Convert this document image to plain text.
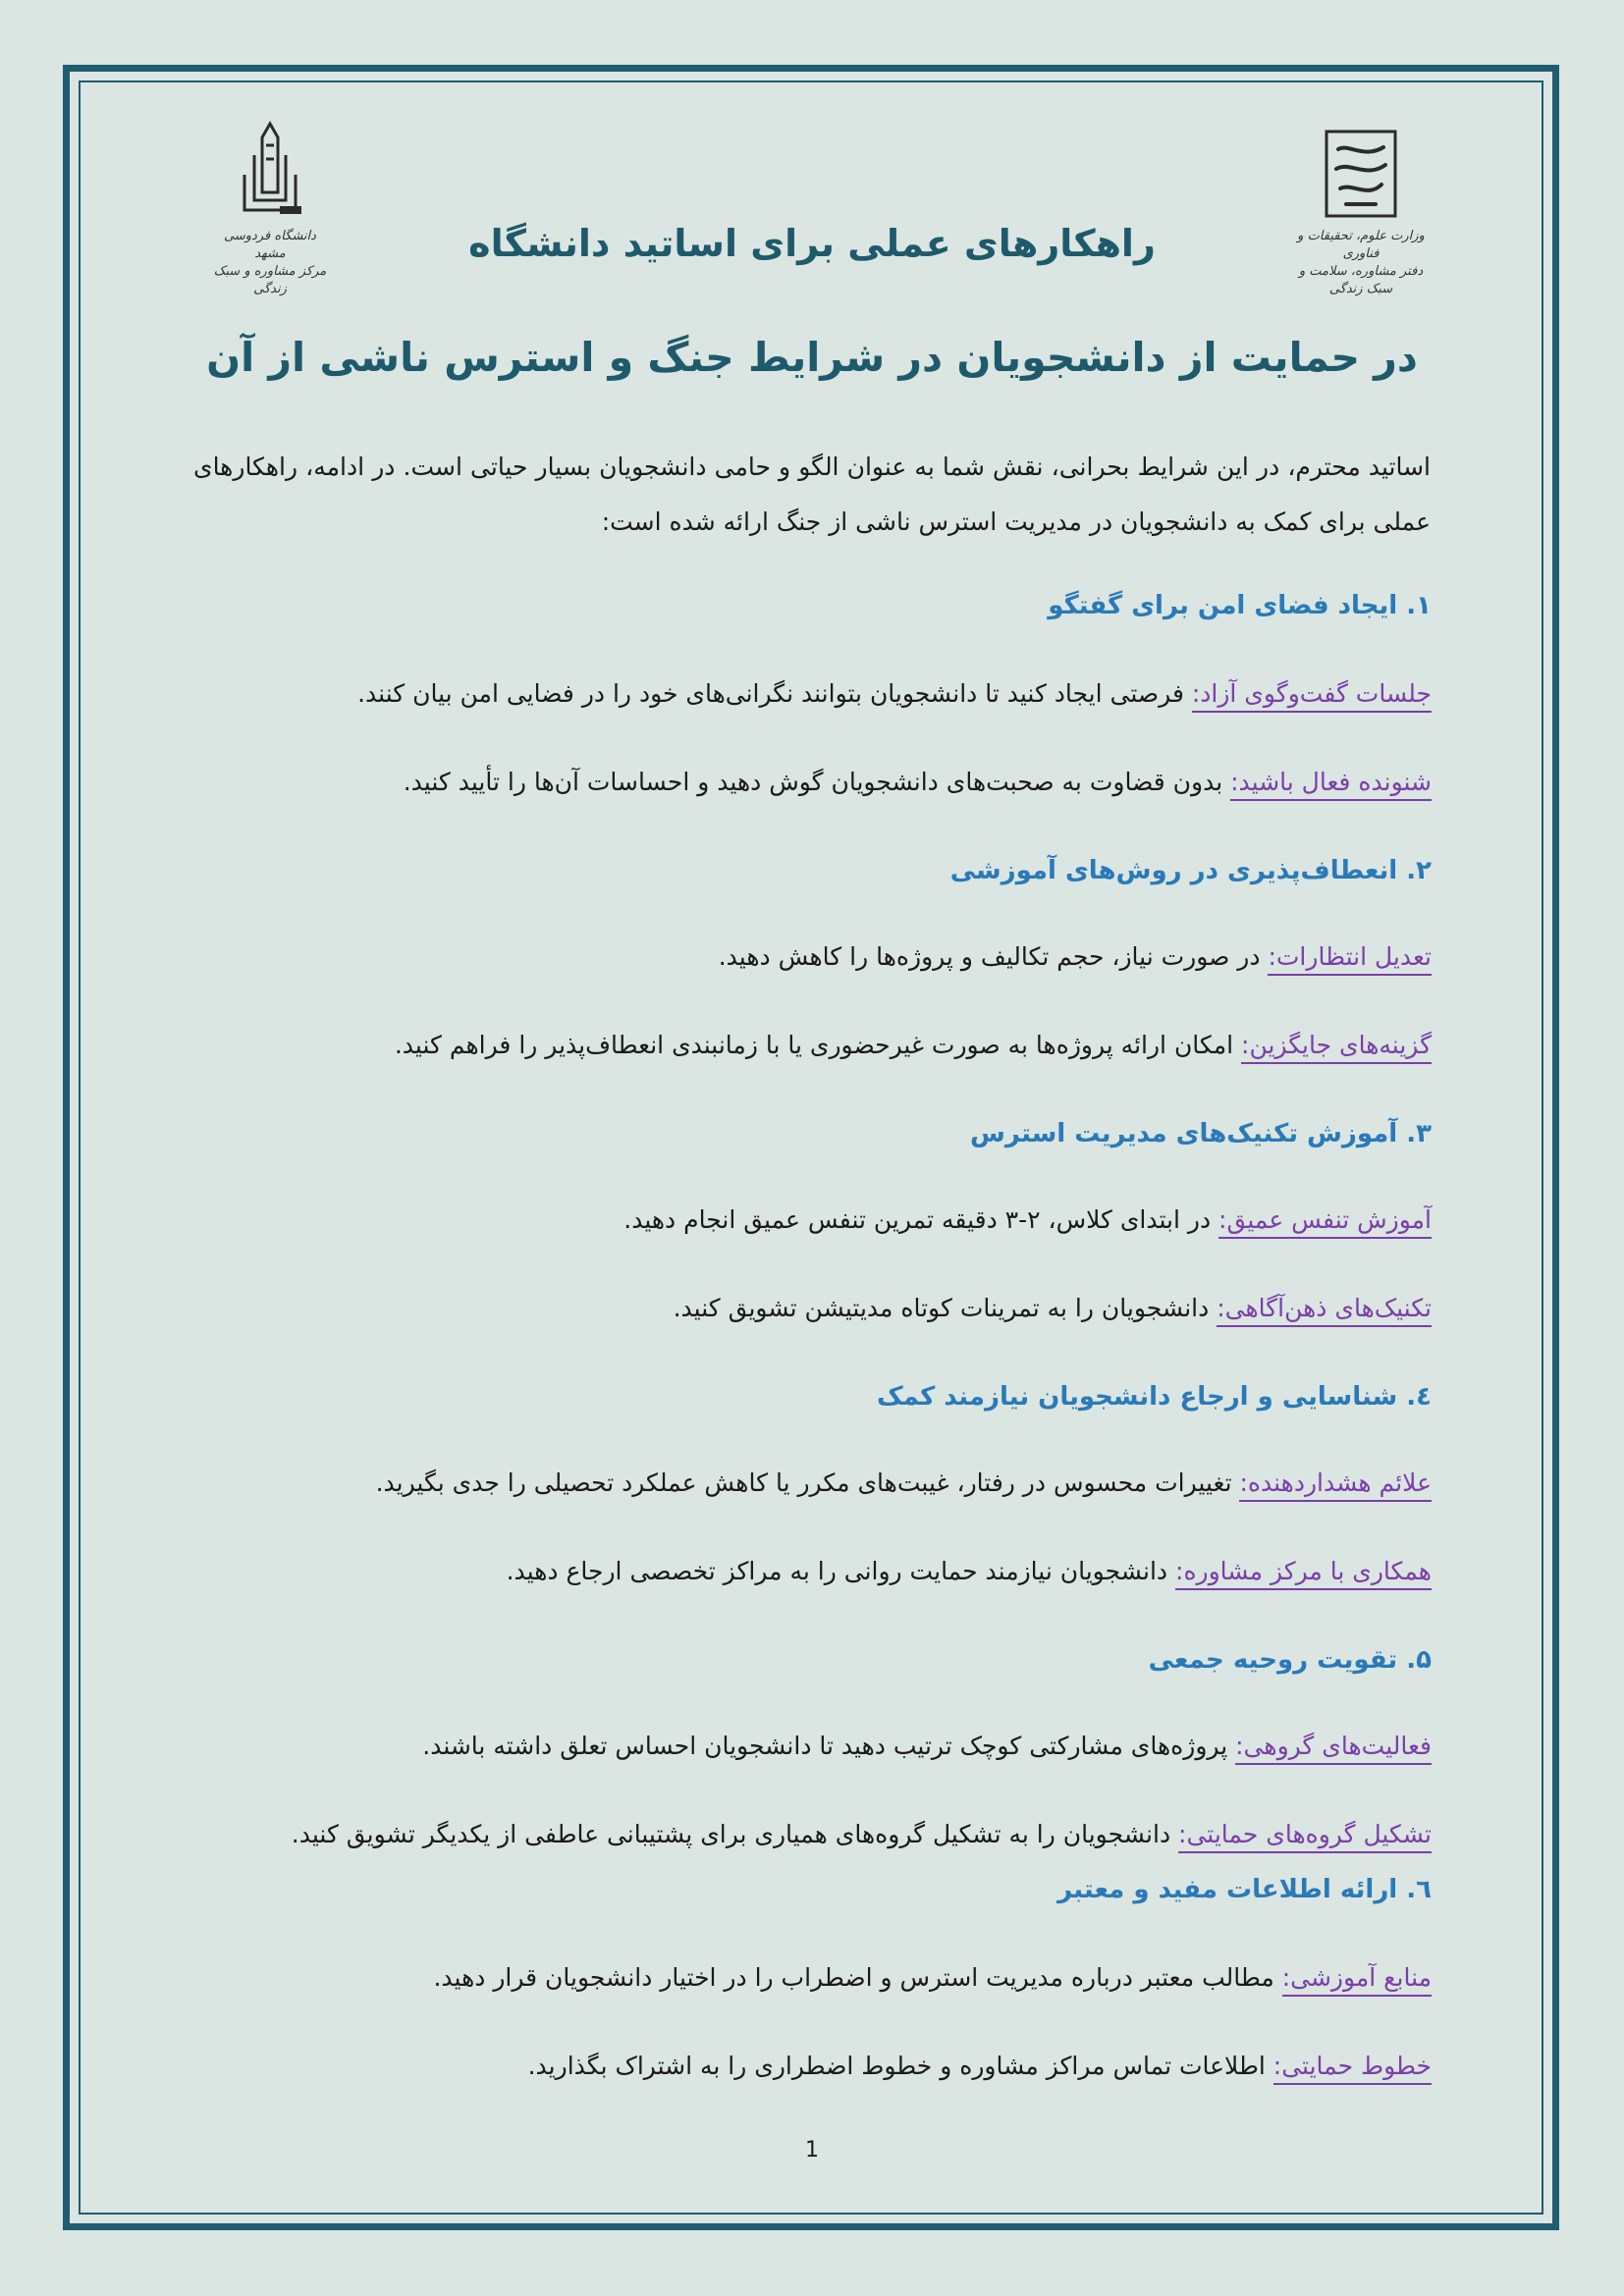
دانشگاه فردوسی مشهد
مرکز مشاوره و سبک زندگی
وزارت علوم، تحقیقات و فناوری
دفتر مشاوره، سلامت و سبک زندگی
راهکارهای عملی برای اساتید دانشگاه
در حمایت از دانشجویان در شرایط جنگ و استرس ناشی از آن
اساتید محترم، در این شرایط بحرانی، نقش شما به عنوان الگو و حامی دانشجویان بسیار حیاتی است. در ادامه، راهکارهای عملی برای کمک به دانشجویان در مدیریت استرس ناشی از جنگ ارائه شده است:
۱. ایجاد فضای امن برای گفتگو
جلسات گفت‌وگوی آزاد: فرصتی ایجاد کنید تا دانشجویان بتوانند نگرانی‌های خود را در فضایی امن بیان کنند.
شنونده فعال باشید: بدون قضاوت به صحبت‌های دانشجویان گوش دهید و احساسات آن‌ها را تأیید کنید.
۲. انعطاف‌پذیری در روش‌های آموزشی
تعدیل انتظارات: در صورت نیاز، حجم تکالیف و پروژه‌ها را کاهش دهید.
گزینه‌های جایگزین: امکان ارائه پروژه‌ها به صورت غیرحضوری یا با زمانبندی انعطاف‌پذیر را فراهم کنید.
۳. آموزش تکنیک‌های مدیریت استرس
آموزش تنفس عمیق: در ابتدای کلاس، ۲-۳ دقیقه تمرین تنفس عمیق انجام دهید.
تکنیک‌های ذهن‌آگاهی: دانشجویان را به تمرینات کوتاه مدیتیشن تشویق کنید.
٤. شناسایی و ارجاع دانشجویان نیازمند کمک
علائم هشداردهنده: تغییرات محسوس در رفتار، غیبت‌های مکرر یا کاهش عملکرد تحصیلی را جدی بگیرید.
همکاری با مرکز مشاوره: دانشجویان نیازمند حمایت روانی را به مراکز تخصصی ارجاع دهید.
۵. تقویت روحیه جمعی
فعالیت‌های گروهی: پروژه‌های مشارکتی کوچک ترتیب دهید تا دانشجویان احساس تعلق داشته باشند.
تشکیل گروه‌های حمایتی: دانشجویان را به تشکیل گروه‌های همیاری برای پشتیبانی عاطفی از یکدیگر تشویق کنید.
٦. ارائه اطلاعات مفید و معتبر
منابع آموزشی: مطالب معتبر درباره مدیریت استرس و اضطراب را در اختیار دانشجویان قرار دهید.
خطوط حمایتی: اطلاعات تماس مراکز مشاوره و خطوط اضطراری را به اشتراک بگذارید.
1
